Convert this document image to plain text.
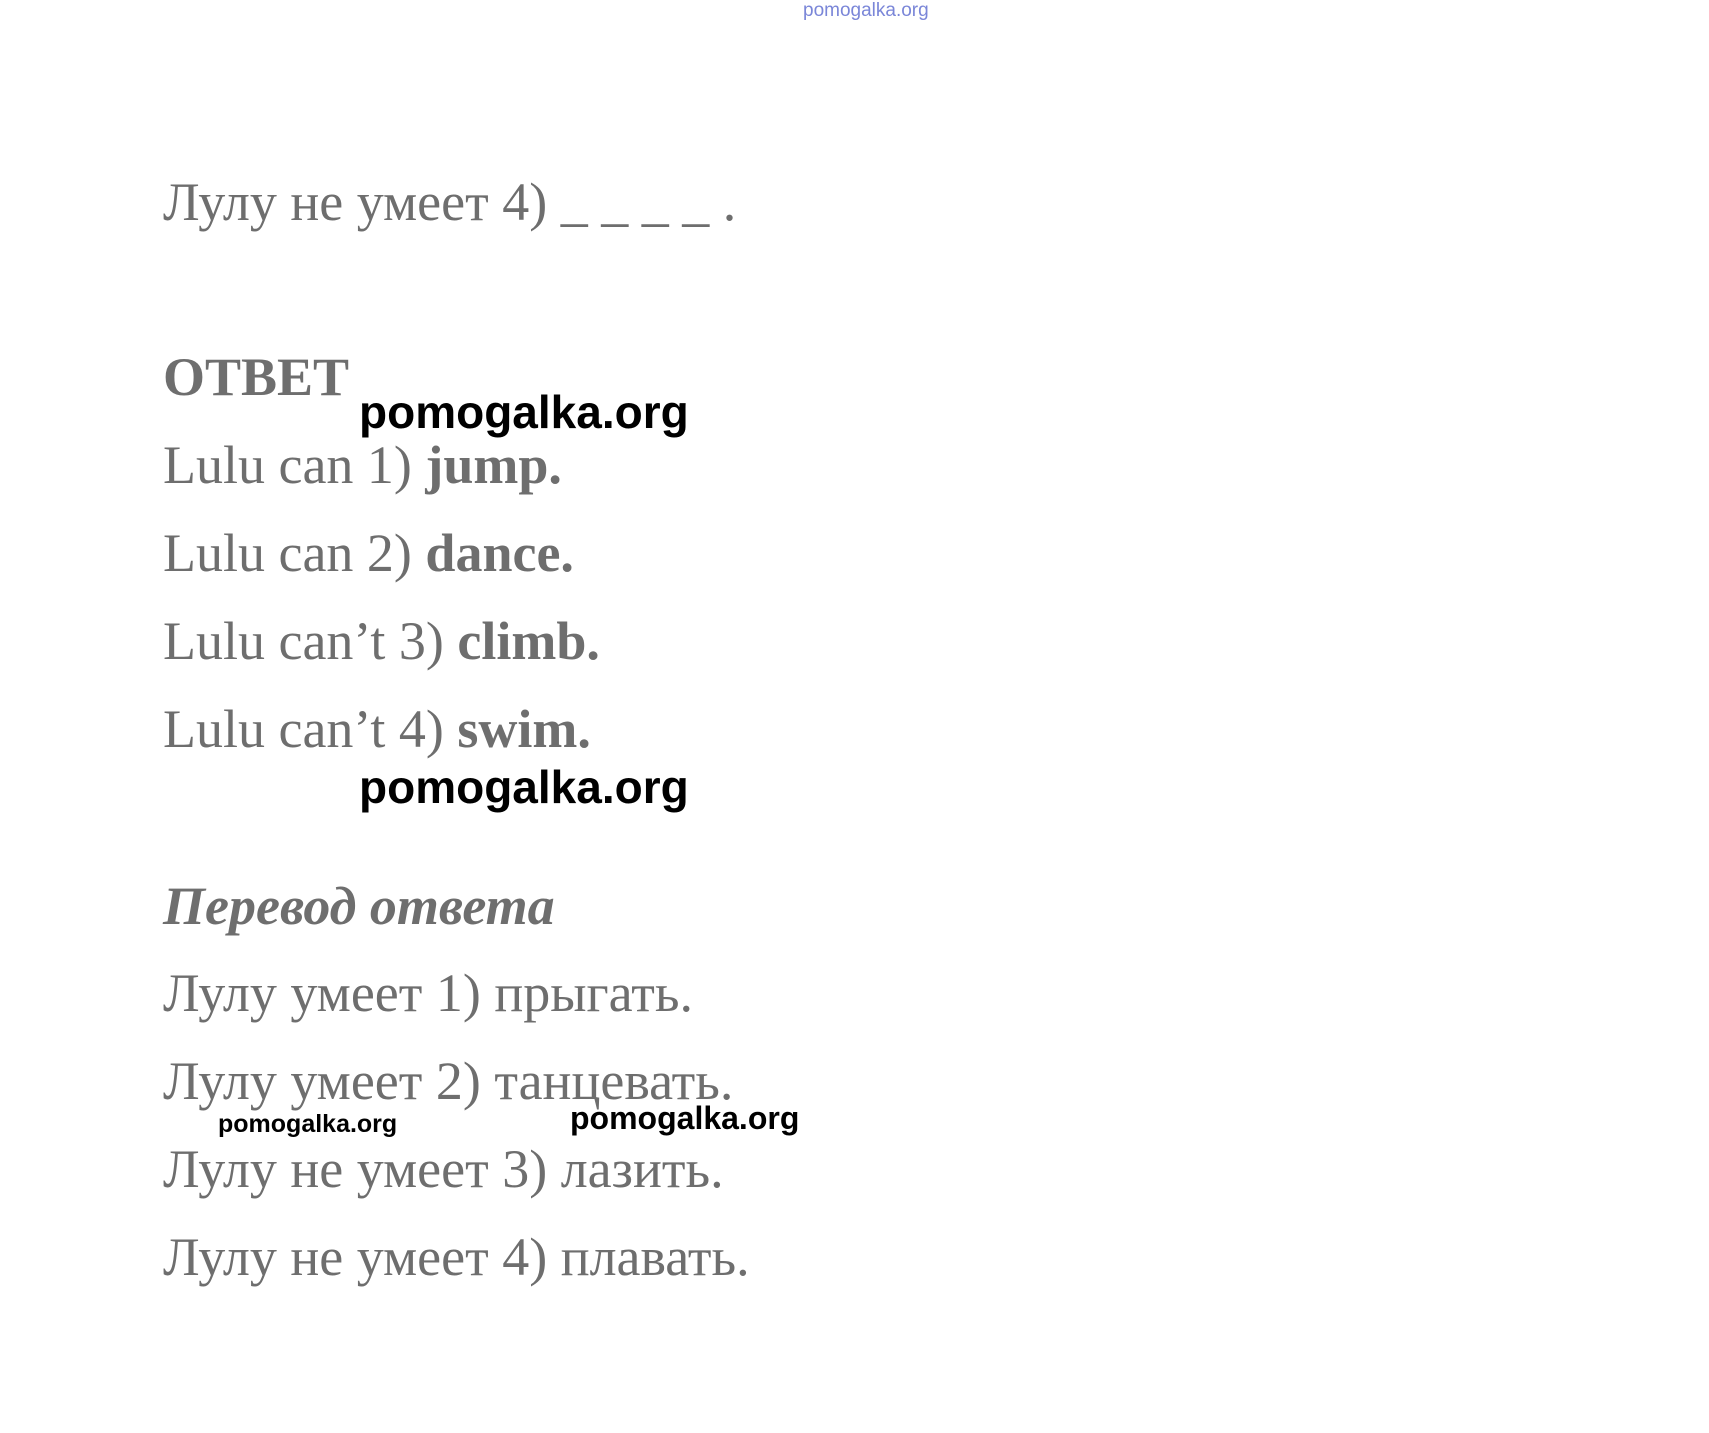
pomogalka.org
Лулу не умеет 4) _ _ _ _ .
ОТВЕТ
pomogalka.org
Lulu can 1) jump.
Lulu can 2) dance.
Lulu can’t 3) climb.
Lulu can’t 4) swim.
pomogalka.org
Перевод ответа
Лулу умеет 1) прыгать.
Лулу умеет 2) танцевать.
pomogalka.org	pomogalka.org
Лулу не умеет 3) лазить.
Лулу не умеет 4) плавать.
